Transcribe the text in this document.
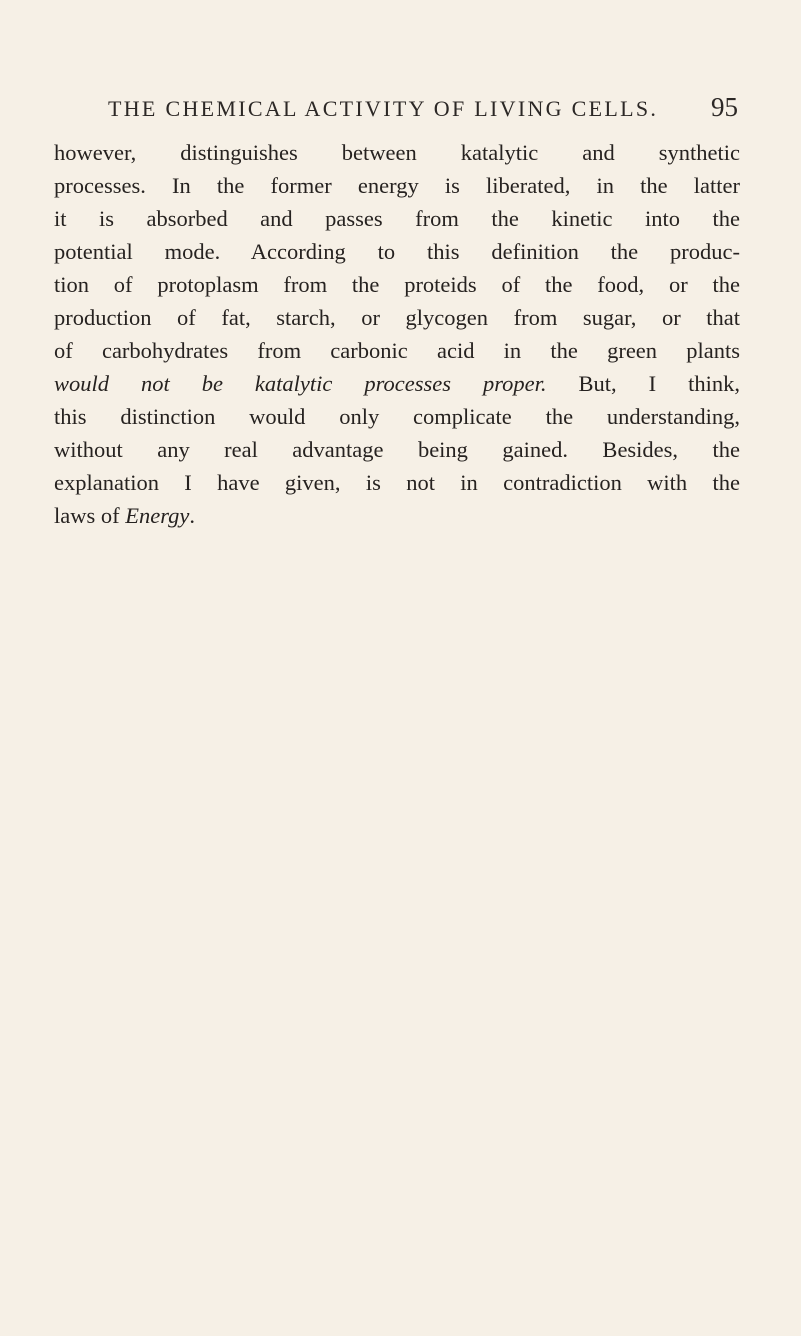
THE CHEMICAL ACTIVITY OF LIVING CELLS. 95
however, distinguishes between katalytic and synthetic
processes. In the former energy is liberated, in the latter
it is absorbed and passes from the kinetic into the
potential mode. According to this definition the produc-
tion of protoplasm from the proteids of the food, or the
production of fat, starch, or glycogen from sugar, or that
of carbohydrates from carbonic acid in the green plants
would not be katalytic processes proper. But, I think,
this distinction would only complicate the understanding,
without any real advantage being gained. Besides, the
explanation I have given, is not in contradiction with the
laws of Energy.
